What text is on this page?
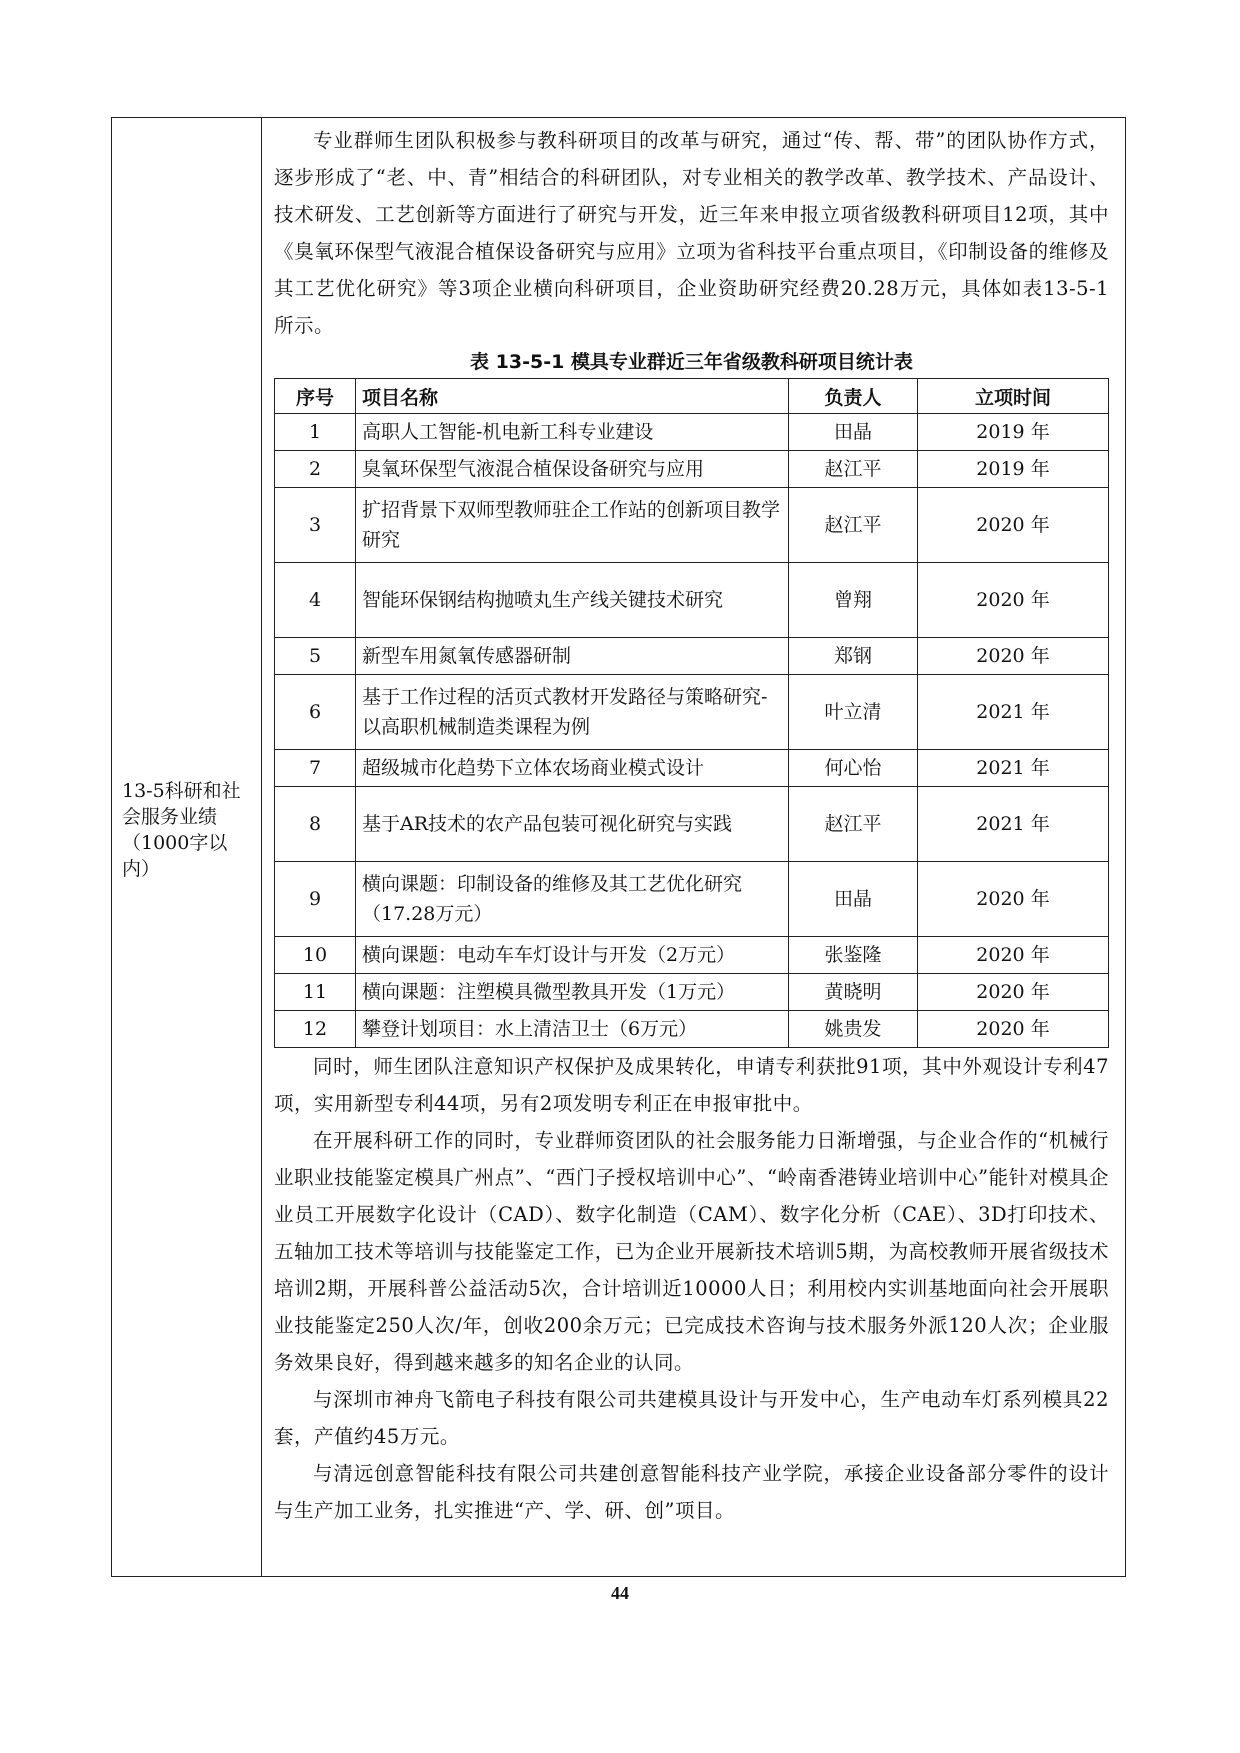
13-5科研和社会服务业绩（1000字以内）

专业群师生团队积极参与教科研项目的改革与研究，通过“传、帮、带”的团队协作方式，逐步形成了“老、中、青”相结合的科研团队，对专业相关的教学改革、教学技术、产品设计、技术研发、工艺创新等方面进行了研究与开发，近三年来申报立项省级教科研项目12项，其中《臭氧环保型气液混合植保设备研究与应用》立项为省科技平台重点项目，《印制设备的维修及其工艺优化研究》等3项企业横向科研项目，企业资助研究经费20.28万元，具体如表13-5-1所示。

表 13-5-1 模具专业群近三年省级教科研项目统计表
序号	项目名称	负责人	立项时间
1	高职人工智能-机电新工科专业建设	田晶	2019 年
2	臭氧环保型气液混合植保设备研究与应用	赵江平	2019 年
3	扩招背景下双师型教师驻企工作站的创新项目教学研究	赵江平	2020 年
4	智能环保钢结构抛喷丸生产线关键技术研究	曾翔	2020 年
5	新型车用氮氧传感器研制	郑钢	2020 年
6	基于工作过程的活页式教材开发路径与策略研究-以高职机械制造类课程为例	叶立清	2021 年
7	超级城市化趋势下立体农场商业模式设计	何心怡	2021 年
8	基于AR技术的农产品包装可视化研究与实践	赵江平	2021 年
9	横向课题：印制设备的维修及其工艺优化研究（17.28万元）	田晶	2020 年
10	横向课题：电动车车灯设计与开发（2万元）	张鉴隆	2020 年
11	横向课题：注塑模具微型教具开发（1万元）	黄晓明	2020 年
12	攀登计划项目：水上清洁卫士（6万元）	姚贵发	2020 年

同时，师生团队注意知识产权保护及成果转化，申请专利获批91项，其中外观设计专利47项，实用新型专利44项，另有2项发明专利正在申报审批中。

在开展科研工作的同时，专业群师资团队的社会服务能力日渐增强，与企业合作的“机械行业职业技能鉴定模具广州点”、“西门子授权培训中心”、“岭南香港铸业培训中心”能针对模具企业员工开展数字化设计（CAD）、数字化制造（CAM）、数字化分析（CAE）、3D打印技术、五轴加工技术等培训与技能鉴定工作，已为企业开展新技术培训5期，为高校教师开展省级技术培训2期，开展科普公益活动5次，合计培训近10000人日；利用校内实训基地面向社会开展职业技能鉴定250人次/年，创收200余万元；已完成技术咨询与技术服务外派120人次；企业服务效果良好，得到越来越多的知名企业的认同。

与深圳市神舟飞箭电子科技有限公司共建模具设计与开发中心，生产电动车灯系列模具22套，产值约45万元。

与清远创意智能科技有限公司共建创意智能科技产业学院，承接企业设备部分零件的设计与生产加工业务，扎实推进“产、学、研、创”项目。

44
